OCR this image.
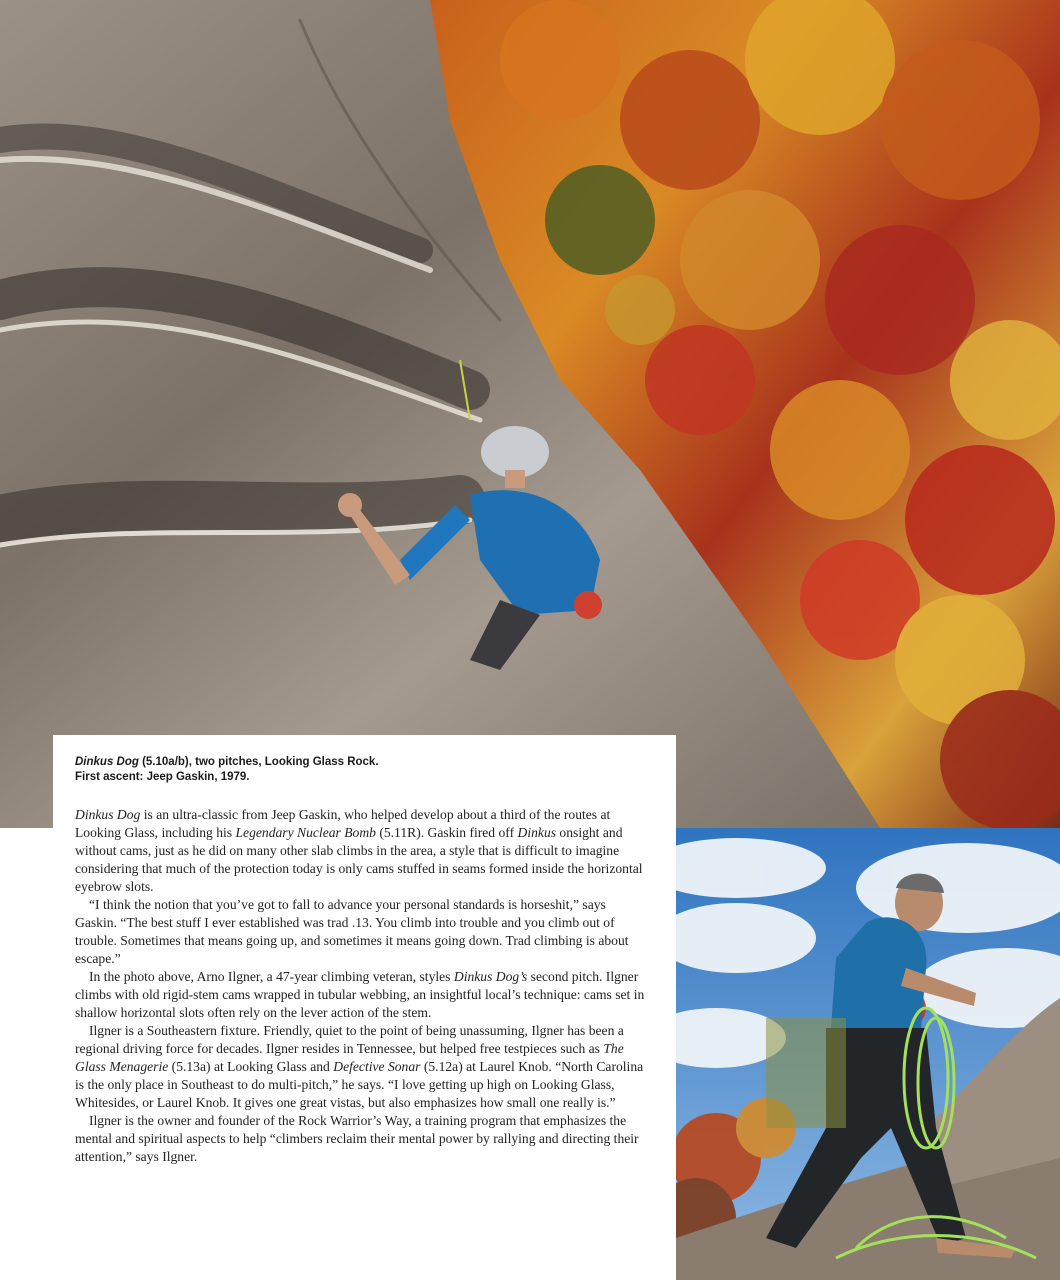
Dinkus Dog (5.10a/b), two pitches, Looking Glass Rock.
First ascent: Jeep Gaskin, 1979.

Dinkus Dog is an ultra-classic from Jeep Gaskin, who helped develop about a third of the routes at Looking Glass, including his Legendary Nuclear Bomb (5.11R). Gaskin fired off Dinkus onsight and without cams, just as he did on many other slab climbs in the area, a style that is difficult to imagine considering that much of the protection today is only cams stuffed in seams formed inside the horizontal eyebrow slots.

“I think the notion that you’ve got to fall to advance your personal standards is horseshit,” says Gaskin. “The best stuff I ever established was trad .13. You climb into trouble and you climb out of trouble. Sometimes that means going up, and sometimes it means going down. Trad climbing is about escape.”

In the photo above, Arno Ilgner, a 47-year climbing veteran, styles Dinkus Dog’s second pitch. Ilgner climbs with old rigid-stem cams wrapped in tubular webbing, an insightful local’s technique: cams set in shallow horizontal slots often rely on the lever action of the stem.

Ilgner is a Southeastern fixture. Friendly, quiet to the point of being unassuming, Ilgner has been a regional driving force for decades. Ilgner resides in Tennessee, but helped free testpieces such as The Glass Menagerie (5.13a) at Looking Glass and Defective Sonar (5.12a) at Laurel Knob. “North Carolina is the only place in Southeast to do multi-pitch,” he says. “I love getting up high on Looking Glass, Whitesides, or Laurel Knob. It gives one great vistas, but also emphasizes how small one really is.”

Ilgner is the owner and founder of the Rock Warrior’s Way, a training program that emphasizes the mental and spiritual aspects to help “climbers reclaim their mental power by rallying and directing their attention,” says Ilgner.
